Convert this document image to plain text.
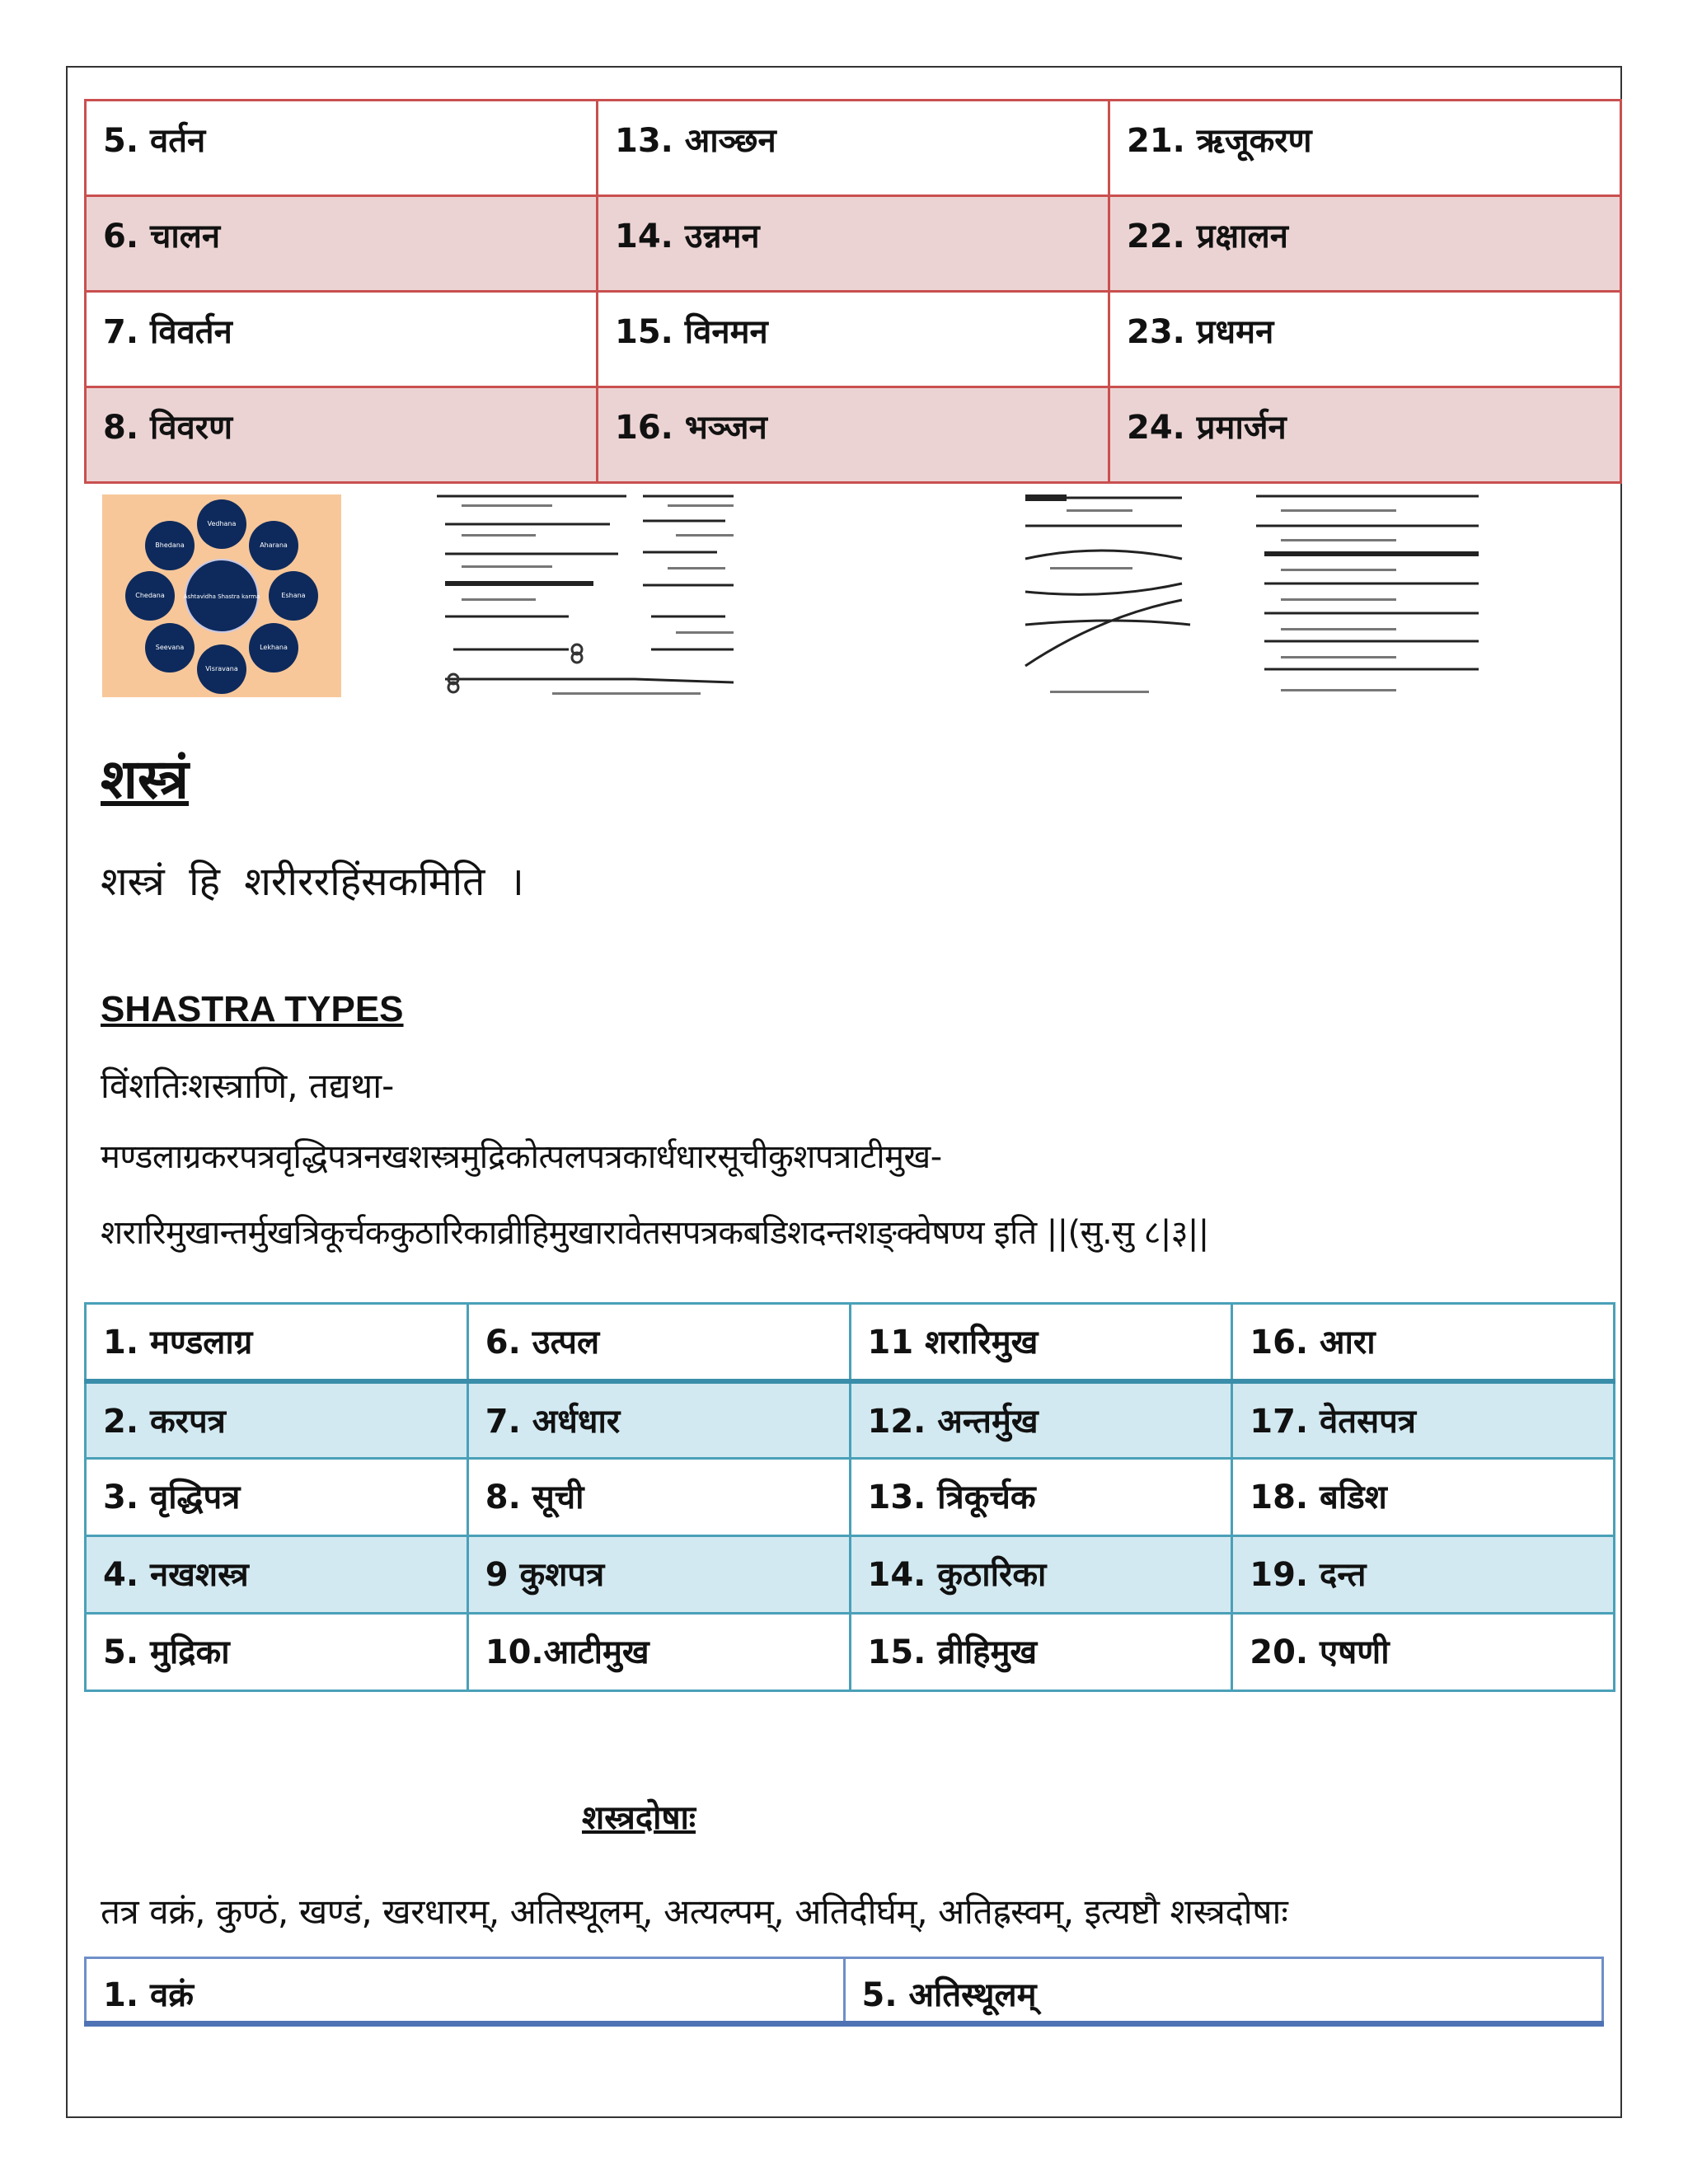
5. वर्तन	13. आञ्छन	21. ऋजूकरण
6. चालन	14. उन्नमन	22. प्रक्षालन
7. विवर्तन	15. विनमन	23. प्रधमन
8. विवरण	16. भञ्जन	24. प्रमार्जन
Vedhana
Aharana
Eshana
Lekhana
Visravana
Seevana
Chedana
Bhedana
Ashtavidha Shastra karma
शस्त्रं
शस्त्रं हि शरीररहिंसकमिति ।
SHASTRA TYPES
विंशतिःशस्त्राणि, तद्यथा-
मण्डलाग्रकरपत्रवृद्धिपत्रनखशस्त्रमुद्रिकोत्पलपत्रकार्धधारसूचीकुशपत्राटीमुख-
शरारिमुखान्तर्मुखत्रिकूर्चककुठारिकाव्रीहिमुखारावेतसपत्रकबडिशदन्तशङ्क्वेषण्य इति ||(सु.सु ८|३||
1. मण्डलाग्र	6. उत्पल	11 शरारिमुख	16. आरा
2. करपत्र	7. अर्धधार	12. अन्तर्मुख	17. वेतसपत्र
3. वृद्धिपत्र	8. सूची	13. त्रिकूर्चक	18. बडिश
4. नखशस्त्र	9 कुशपत्र	14. कुठारिका	19. दन्त
5. मुद्रिका	10.आटीमुख	15. व्रीहिमुख	20. एषणी
शस्त्रदोषाः
तत्र वक्रं, कुण्ठं, खण्डं, खरधारम्, अतिस्थूलम्, अत्यल्पम्, अतिदीर्घम्, अतिह्रस्वम्, इत्यष्टौ शस्त्रदोषाः
1. वक्रं	5. अतिस्थूलम्
